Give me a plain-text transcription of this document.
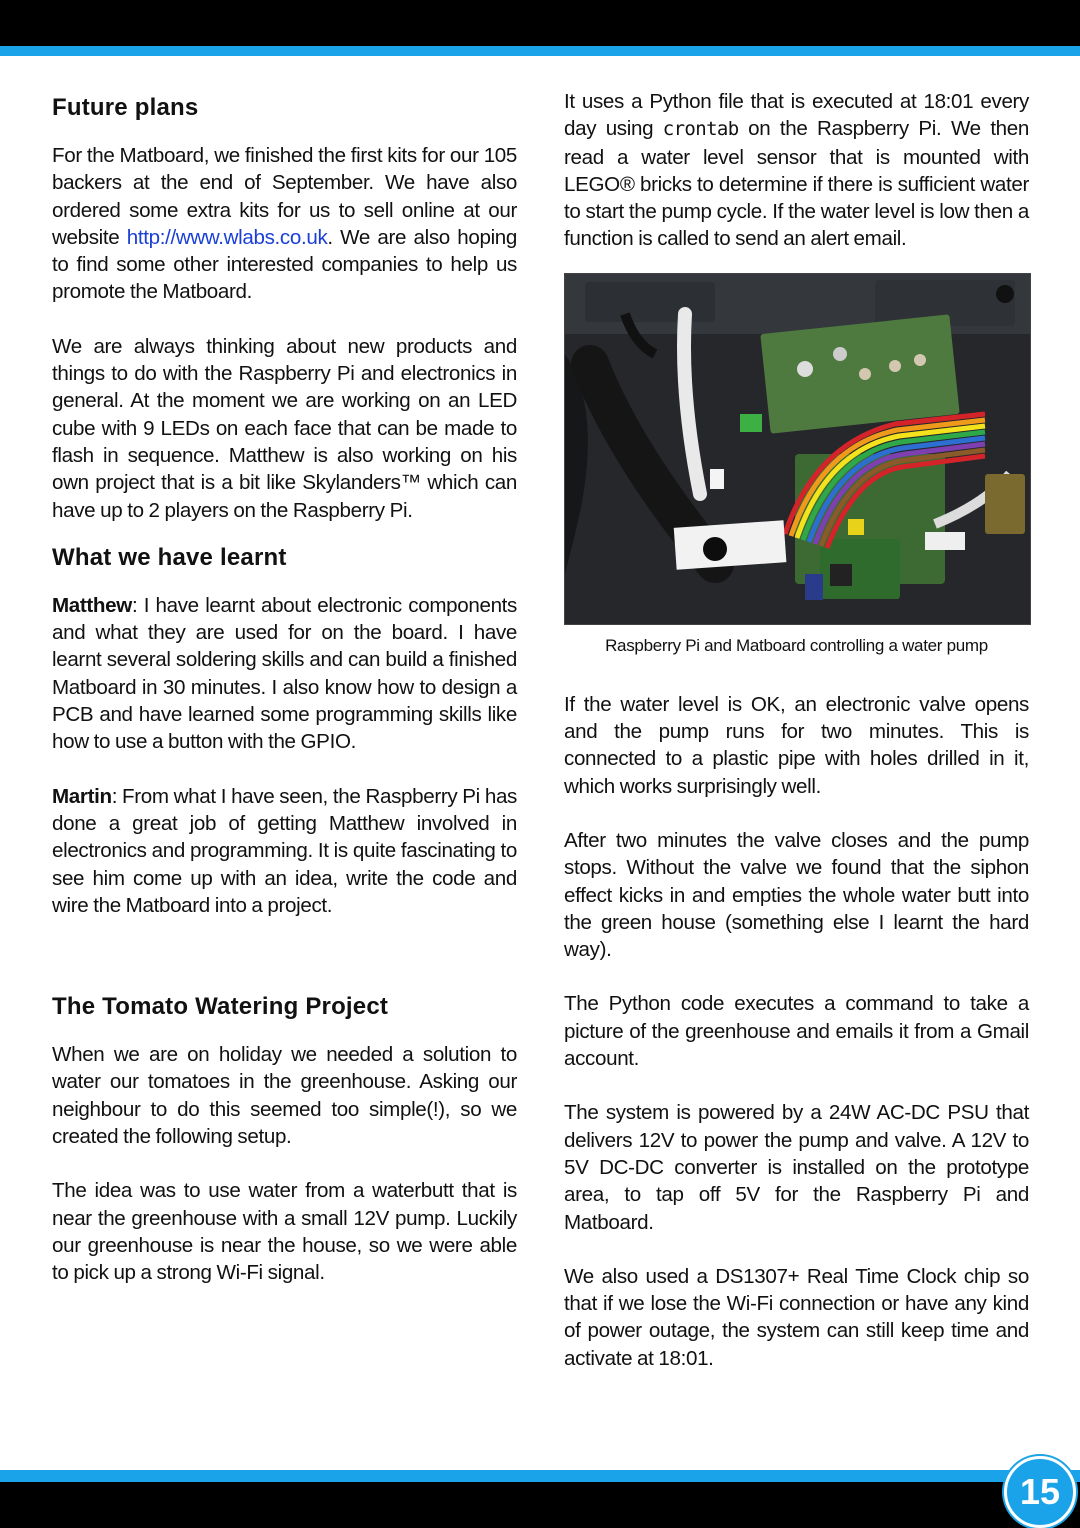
Future plans

For the Matboard, we finished the first kits for our 105 backers at the end of September. We have also ordered some extra kits for us to sell online at our website http://www.wlabs.co.uk. We are also hoping to find some other interested companies to help us promote the Matboard.

We are always thinking about new products and things to do with the Raspberry Pi and electronics in general. At the moment we are working on an LED cube with 9 LEDs on each face that can be made to flash in sequence. Matthew is also working on his own project that is a bit like Skylanders™ which can have up to 2 players on the Raspberry Pi.

What we have learnt

Matthew: I have learnt about electronic components and what they are used for on the board. I have learnt several soldering skills and can build a finished Matboard in 30 minutes. I also know how to design a PCB and have learned some programming skills like how to use a button with the GPIO.

Martin: From what I have seen, the Raspberry Pi has done a great job of getting Matthew involved in electronics and programming. It is quite fascinating to see him come up with an idea, write the code and wire the Matboard into a project.

The Tomato Watering Project

When we are on holiday we needed a solution to water our tomatoes in the greenhouse. Asking our neighbour to do this seemed too simple(!), so we created the following setup.

The idea was to use water from a waterbutt that is near the greenhouse with a small 12V pump. Luckily our greenhouse is near the house, so we were able to pick up a strong Wi-Fi signal.

It uses a Python file that is executed at 18:01 every day using crontab on the Raspberry Pi. We then read a water level sensor that is mounted with LEGO® bricks to determine if there is sufficient water to start the pump cycle. If the water level is low then a function is called to send an alert email.

Raspberry Pi and Matboard controlling a water pump

If the water level is OK, an electronic valve opens and the pump runs for two minutes. This is connected to a plastic pipe with holes drilled in it, which works surprisingly well.

After two minutes the valve closes and the pump stops. Without the valve we found that the siphon effect kicks in and empties the whole water butt into the green house (something else I learnt the hard way).

The Python code executes a command to take a picture of the greenhouse and emails it from a Gmail account.

The system is powered by a 24W AC-DC PSU that delivers 12V to power the pump and valve. A 12V to 5V DC-DC converter is installed on the prototype area, to tap off 5V for the Raspberry Pi and Matboard.

We also used a DS1307+ Real Time Clock chip so that if we lose the Wi-Fi connection or have any kind of power outage, the system can still keep time and activate at 18:01.

15
